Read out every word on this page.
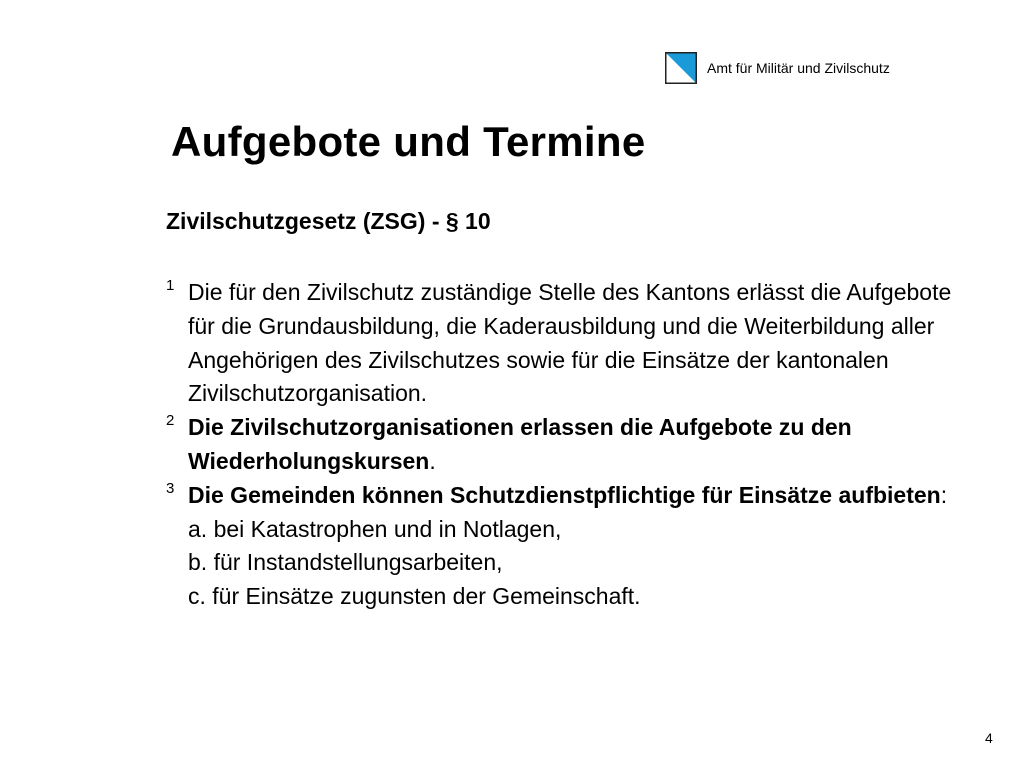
Amt für Militär und Zivilschutz
Aufgebote und Termine
Zivilschutzgesetz (ZSG) - § 10
1 Die für den Zivilschutz zuständige Stelle des Kantons erlässt die Aufgebote für die Grundausbildung, die Kaderausbildung und die Weiterbildung aller Angehörigen des Zivilschutzes sowie für die Einsätze der kantonalen Zivilschutzorganisation.
2 Die Zivilschutzorganisationen erlassen die Aufgebote zu den Wiederholungskursen.
3 Die Gemeinden können Schutzdienstpflichtige für Einsätze aufbieten:
a. bei Katastrophen und in Notlagen,
b. für Instandstellungsarbeiten,
c. für Einsätze zugunsten der Gemeinschaft.
4
